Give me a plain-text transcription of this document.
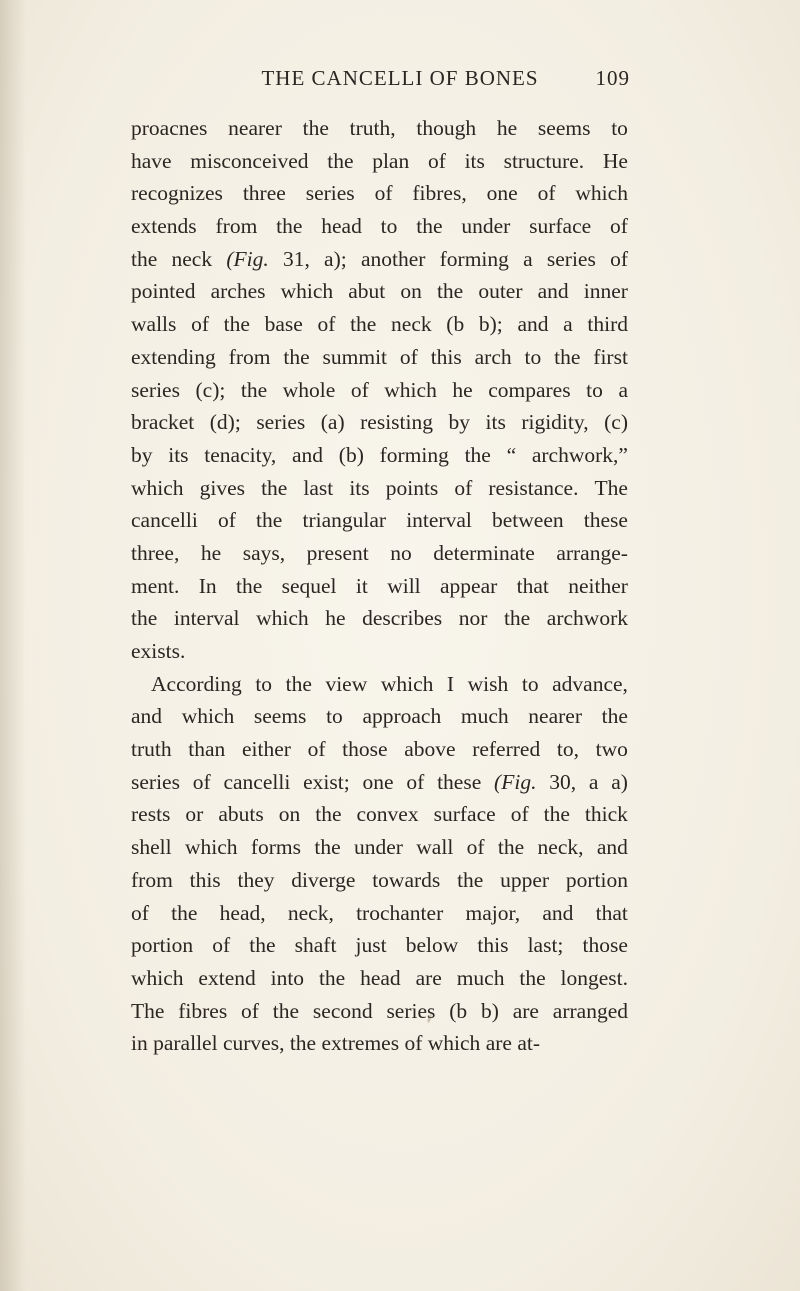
THE CANCELLI OF BONES	109
proacnes nearer the truth, though he seems to
have misconceived the plan of its structure. He
recognizes three series of fibres, one of which
extends from the head to the under surface of
the neck (Fig. 31, a); another forming a series of
pointed arches which abut on the outer and inner
walls of the base of the neck (b b); and a third
extending from the summit of this arch to the first
series (c); the whole of which he compares to a
bracket (d); series (a) resisting by its rigidity, (c)
by its tenacity, and (b) forming the “ archwork,”
which gives the last its points of resistance. The
cancelli of the triangular interval between these
three, he says, present no determinate arrange-
ment. In the sequel it will appear that neither
the interval which he describes nor the archwork
exists.
According to the view which I wish to advance,
and which seems to approach much nearer the
truth than either of those above referred to, two
series of cancelli exist; one of these (Fig. 30, a a)
rests or abuts on the convex surface of the thick
shell which forms the under wall of the neck, and
from this they diverge towards the upper portion
of the head, neck, trochanter major, and that
portion of the shaft just below this last; those
which extend into the head are much the longest.
The fibres of the second series (b b) are arranged
in parallel curves, the extremes of which are at-
